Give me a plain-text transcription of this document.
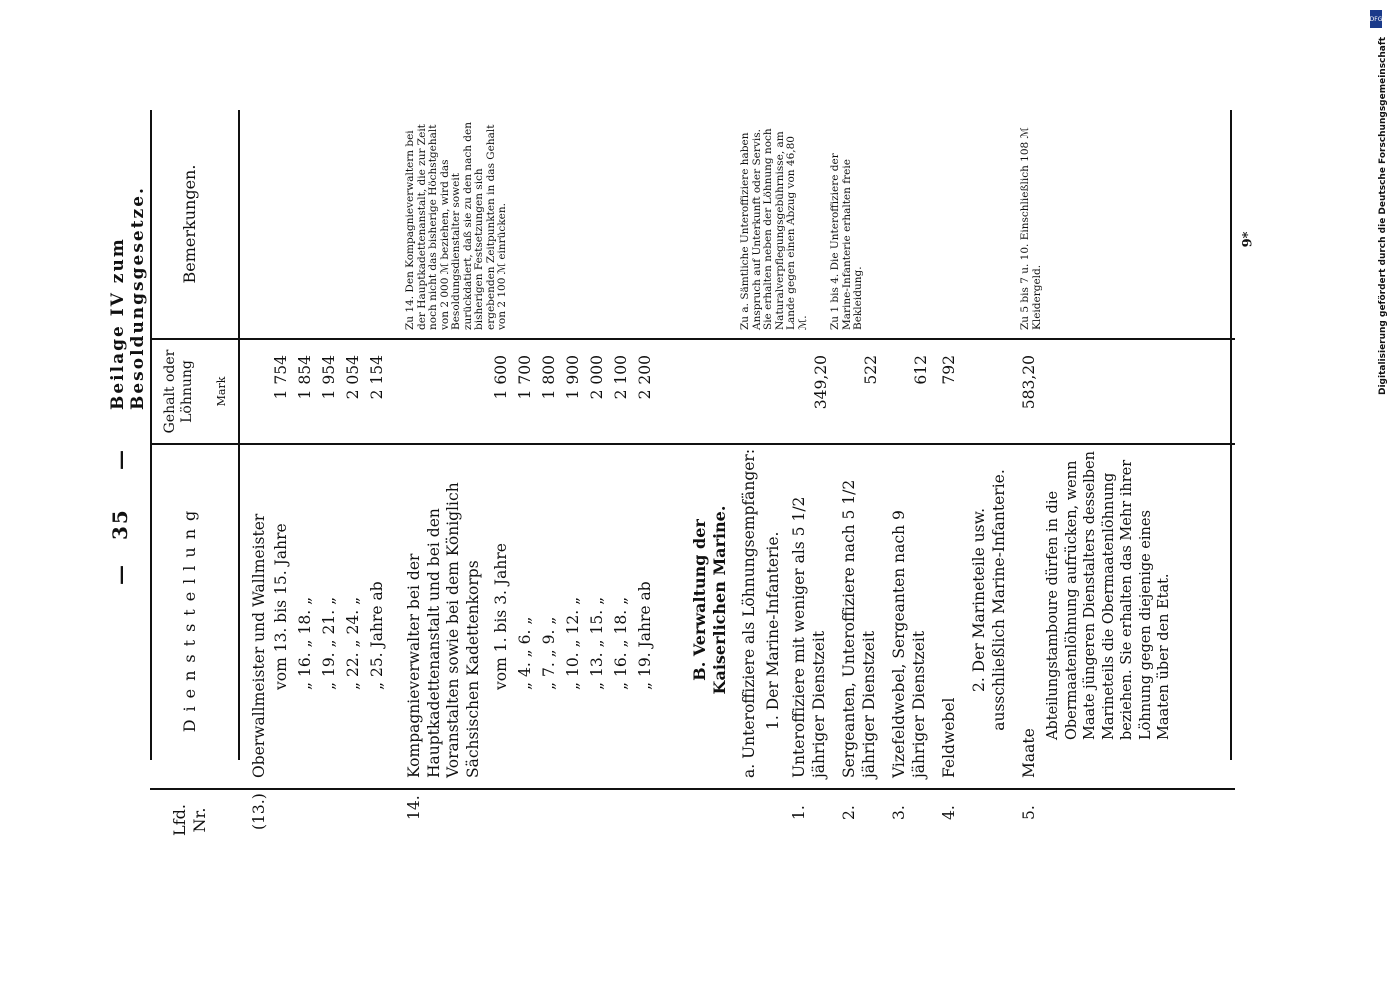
—
35
—
Beilage IV zum Besoldungsgesetze.
Lfd. Nr.
Dienststellung
Gehalt oder Löhnung Mark
Bemerkungen.
(13.)
Oberwallmeister und Wallmeister vom 13. bis 15. Jahre „ 16. „ 18. „ „ 19. „ 21. „ „ 22. „ 24. „ „ 25. Jahre ab
1 754 1 854 1 954 2 054 2 154
14.
Kompagnieverwalter bei der Hauptkadettenanstalt und bei den Voranstalten sowie bei dem Königlich Sächsischen Kadettenkorps vom 1. bis 3. Jahre „ 4. „ 6. „ „ 7. „ 9. „ „ 10. „ 12. „ „ 13. „ 15. „ „ 16. „ 18. „ „ 19. Jahre ab
1 600 1 700 1 800 1 900 2 000 2 100 2 200
Zu 14. Den Kompagnieverwaltern bei der Hauptkadettenanstalt, die zur Zeit noch nicht das bisherige Höchstgehalt von 2 000 ℳ beziehen, wird das Besoldungsdienstalter soweit zurückdatiert, daß sie zu den nach den bisherigen Festsetzungen sich ergebenden Zeitpunkten in das Gehalt von 2 100 ℳ einrücken.
B. Verwaltung der Kaiserlichen Marine. a. Unteroffiziere als Löhnungsempfänger: 1. Der Marine-Infanterie.
Zu a. Sämtliche Unteroffiziere haben Anspruch auf Unterkunft oder Servis. Sie erhalten neben der Löhnung noch Naturalverpflegungsgebührnisse, am Lande gegen einen Abzug von 46,80 ℳ. Zu 1 bis 4. Die Unteroffiziere der Marine-Infanterie erhalten freie Bekleidung.
1.
Unteroffiziere mit weniger als 5 1/2 jähriger Dienstzeit
349,20
2.
Sergeanten, Unteroffiziere nach 5 1/2 jähriger Dienstzeit
522
3.
Vizefeldwebel, Sergeanten nach 9 jähriger Dienstzeit
612
4.
Feldwebel
792
2. Der Marineteile usw. ausschließlich Marine-Infanterie.
5.
Maate
583,20
Abteilungstamboure dürfen in die Obermaatenlöhnung aufrücken, wenn Maate jüngeren Dienstalters desselben Marineteils die Obermaatenlöhnung beziehen. Sie erhalten das Mehr ihrer Löhnung gegen diejenige eines Maaten über den Etat.
Zu 5 bis 7 u. 10. Einschließlich 108 ℳ Kleidergeld.
9*
DFG
Digitalisierung gefördert durch die Deutsche Forschungsgemeinschaft
